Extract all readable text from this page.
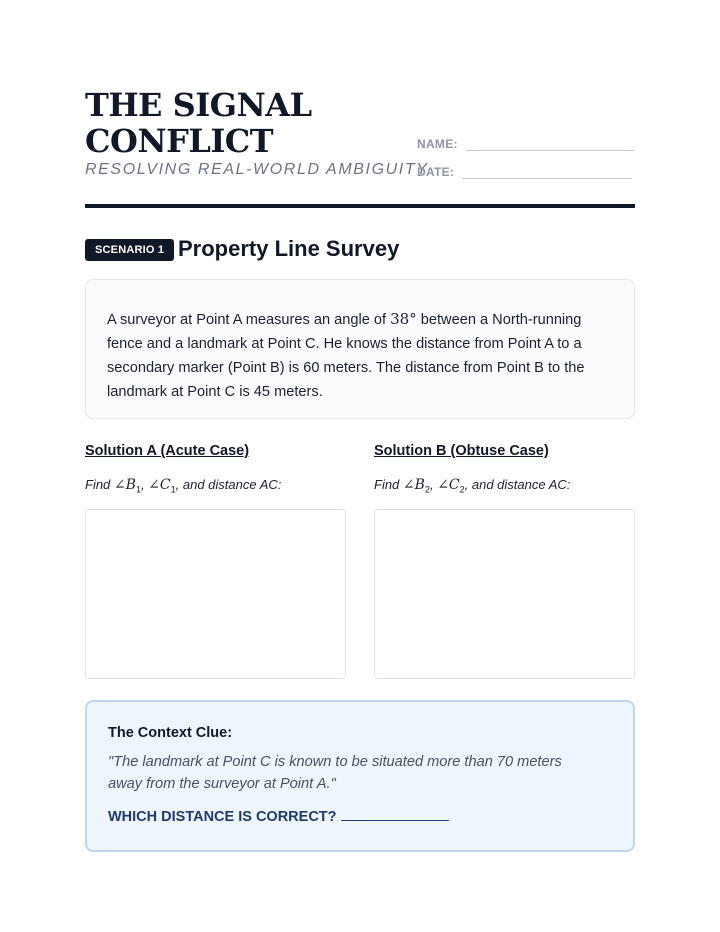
THE SIGNAL CONFLICT
RESOLVING REAL-WORLD AMBIGUITY
NAME:
DATE:
SCENARIO 1 Property Line Survey
A surveyor at Point A measures an angle of 38° between a North-running fence and a landmark at Point C. He knows the distance from Point A to a secondary marker (Point B) is 60 meters. The distance from Point B to the landmark at Point C is 45 meters.
Solution A (Acute Case)
Find $\angle B_1$, $\angle C_1$, and distance AC:
Solution B (Obtuse Case)
Find $\angle B_2$, $\angle C_2$, and distance AC:
The Context Clue:
"The landmark at Point C is known to be situated more than 70 meters away from the surveyor at Point A."
WHICH DISTANCE IS CORRECT?
